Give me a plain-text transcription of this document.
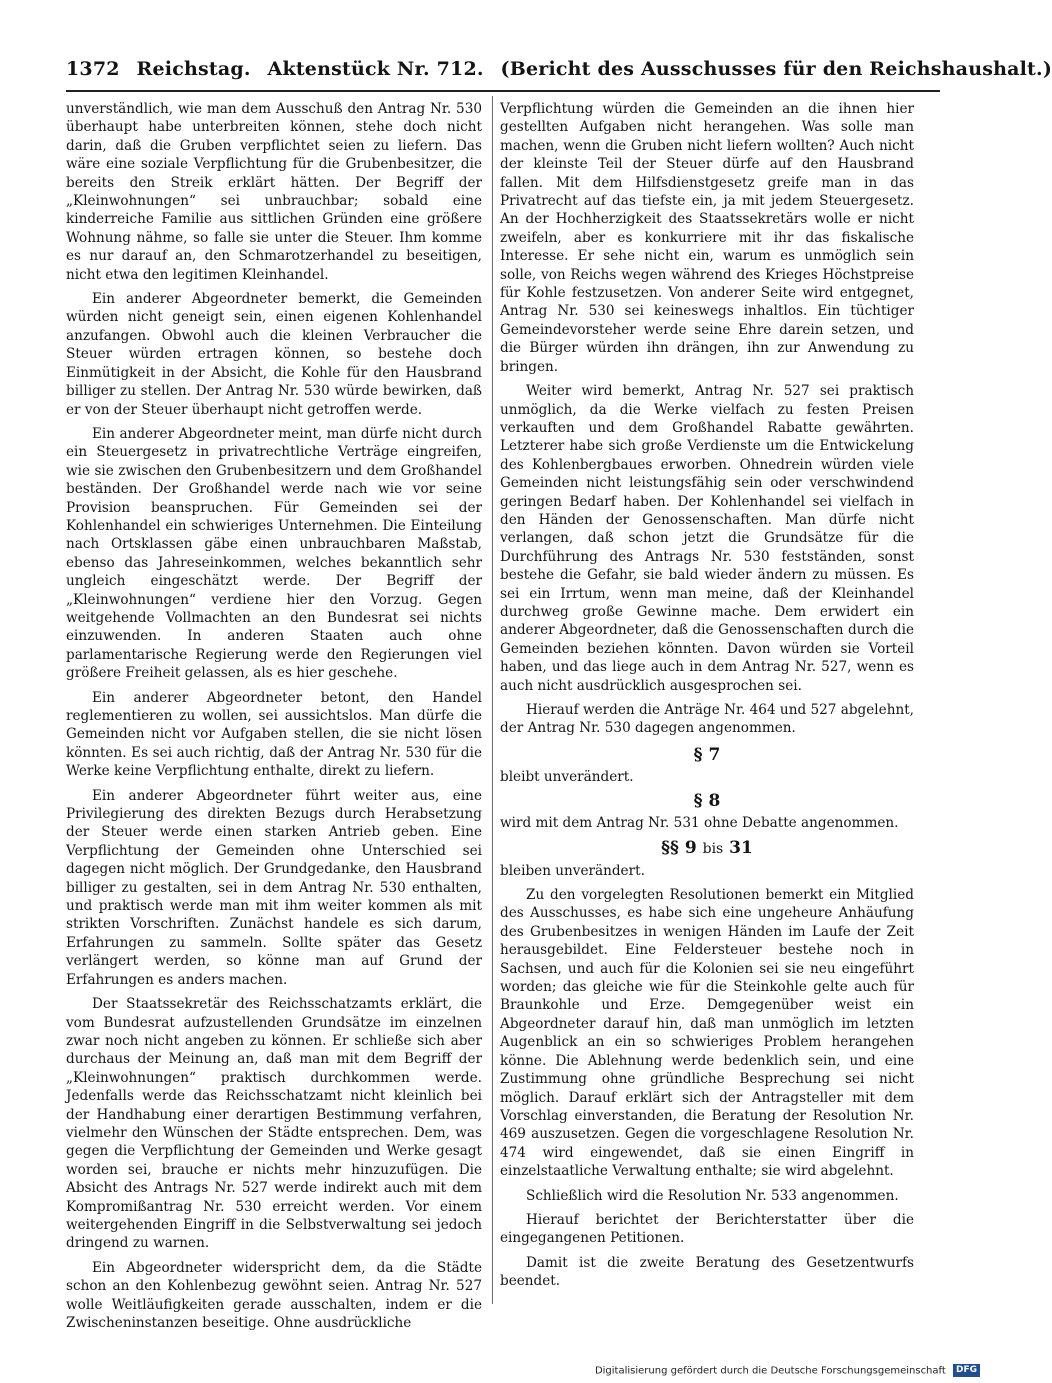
1372 Reichstag. Aktenstück Nr. 712. (Bericht des Ausschusses für den Reichshaushalt.)

unverständlich, wie man dem Ausschuß den Antrag Nr. 530 überhaupt habe unterbreiten können, stehe doch nicht darin, daß die Gruben verpflichtet seien zu liefern. Das wäre eine soziale Verpflichtung für die Grubenbesitzer, die bereits den Streik erklärt hätten. Der Begriff der „Kleinwohnungen“ sei unbrauchbar; sobald eine kinderreiche Familie aus sittlichen Gründen eine größere Wohnung nähme, so falle sie unter die Steuer. Ihm komme es nur darauf an, den Schmarotzerhandel zu beseitigen, nicht etwa den legitimen Kleinhandel.

Ein anderer Abgeordneter bemerkt, die Gemeinden würden nicht geneigt sein, einen eigenen Kohlenhandel anzufangen. Obwohl auch die kleinen Verbraucher die Steuer würden ertragen können, so bestehe doch Einmütigkeit in der Absicht, die Kohle für den Hausbrand billiger zu stellen. Der Antrag Nr. 530 würde bewirken, daß er von der Steuer überhaupt nicht getroffen werde.

Ein anderer Abgeordneter meint, man dürfe nicht durch ein Steuergesetz in privatrechtliche Verträge eingreifen, wie sie zwischen den Grubenbesitzern und dem Großhandel beständen. Der Großhandel werde nach wie vor seine Provision beanspruchen. Für Gemeinden sei der Kohlenhandel ein schwieriges Unternehmen. Die Einteilung nach Ortsklassen gäbe einen unbrauchbaren Maßstab, ebenso das Jahreseinkommen, welches bekanntlich sehr ungleich eingeschätzt werde. Der Begriff der „Kleinwohnungen“ verdiene hier den Vorzug. Gegen weitgehende Vollmachten an den Bundesrat sei nichts einzuwenden. In anderen Staaten auch ohne parlamentarische Regierung werde den Regierungen viel größere Freiheit gelassen, als es hier geschehe.

Ein anderer Abgeordneter betont, den Handel reglementieren zu wollen, sei aussichtslos. Man dürfe die Gemeinden nicht vor Aufgaben stellen, die sie nicht lösen könnten. Es sei auch richtig, daß der Antrag Nr. 530 für die Werke keine Verpflichtung enthalte, direkt zu liefern.

Ein anderer Abgeordneter führt weiter aus, eine Privilegierung des direkten Bezugs durch Herabsetzung der Steuer werde einen starken Antrieb geben. Eine Verpflichtung der Gemeinden ohne Unterschied sei dagegen nicht möglich. Der Grundgedanke, den Hausbrand billiger zu gestalten, sei in dem Antrag Nr. 530 enthalten, und praktisch werde man mit ihm weiter kommen als mit strikten Vorschriften. Zunächst handele es sich darum, Erfahrungen zu sammeln. Sollte später das Gesetz verlängert werden, so könne man auf Grund der Erfahrungen es anders machen.

Der Staatssekretär des Reichsschatzamts erklärt, die vom Bundesrat aufzustellenden Grundsätze im einzelnen zwar noch nicht angeben zu können. Er schließe sich aber durchaus der Meinung an, daß man mit dem Begriff der „Kleinwohnungen“ praktisch durchkommen werde. Jedenfalls werde das Reichsschatzamt nicht kleinlich bei der Handhabung einer derartigen Bestimmung verfahren, vielmehr den Wünschen der Städte entsprechen. Dem, was gegen die Verpflichtung der Gemeinden und Werke gesagt worden sei, brauche er nichts mehr hinzuzufügen. Die Absicht des Antrags Nr. 527 werde indirekt auch mit dem Kompromißantrag Nr. 530 erreicht werden. Vor einem weitergehenden Eingriff in die Selbstverwaltung sei jedoch dringend zu warnen.

Ein Abgeordneter widerspricht dem, da die Städte schon an den Kohlenbezug gewöhnt seien. Antrag Nr. 527 wolle Weitläufigkeiten gerade ausschalten, indem er die Zwischeninstanzen beseitige. Ohne ausdrückliche

Verpflichtung würden die Gemeinden an die ihnen hier gestellten Aufgaben nicht herangehen. Was solle man machen, wenn die Gruben nicht liefern wollten? Auch nicht der kleinste Teil der Steuer dürfe auf den Hausbrand fallen. Mit dem Hilfsdienstgesetz greife man in das Privatrecht auf das tiefste ein, ja mit jedem Steuergesetz. An der Hochherzigkeit des Staatssekretärs wolle er nicht zweifeln, aber es konkurriere mit ihr das fiskalische Interesse. Er sehe nicht ein, warum es unmöglich sein solle, von Reichs wegen während des Krieges Höchstpreise für Kohle festzusetzen. Von anderer Seite wird entgegnet, Antrag Nr. 530 sei keineswegs inhaltlos. Ein tüchtiger Gemeindevorsteher werde seine Ehre darein setzen, und die Bürger würden ihn drängen, ihn zur Anwendung zu bringen.

Weiter wird bemerkt, Antrag Nr. 527 sei praktisch unmöglich, da die Werke vielfach zu festen Preisen verkauften und dem Großhandel Rabatte gewährten. Letzterer habe sich große Verdienste um die Entwickelung des Kohlenbergbaues erworben. Ohnedrein würden viele Gemeinden nicht leistungsfähig sein oder verschwindend geringen Bedarf haben. Der Kohlenhandel sei vielfach in den Händen der Genossenschaften. Man dürfe nicht verlangen, daß schon jetzt die Grundsätze für die Durchführung des Antrags Nr. 530 festständen, sonst bestehe die Gefahr, sie bald wieder ändern zu müssen. Es sei ein Irrtum, wenn man meine, daß der Kleinhandel durchweg große Gewinne mache. Dem erwidert ein anderer Abgeordneter, daß die Genossenschaften durch die Gemeinden beziehen könnten. Davon würden sie Vorteil haben, und das liege auch in dem Antrag Nr. 527, wenn es auch nicht ausdrücklich ausgesprochen sei.

Hierauf werden die Anträge Nr. 464 und 527 abgelehnt, der Antrag Nr. 530 dagegen angenommen.

§ 7

bleibt unverändert.

§ 8

wird mit dem Antrag Nr. 531 ohne Debatte angenommen.

§§ 9 bis 31

bleiben unverändert.

Zu den vorgelegten Resolutionen bemerkt ein Mitglied des Ausschusses, es habe sich eine ungeheure Anhäufung des Grubenbesitzes in wenigen Händen im Laufe der Zeit herausgebildet. Eine Feldersteuer bestehe noch in Sachsen, und auch für die Kolonien sei sie neu eingeführt worden; das gleiche wie für die Steinkohle gelte auch für Braunkohle und Erze. Demgegenüber weist ein Abgeordneter darauf hin, daß man unmöglich im letzten Augenblick an ein so schwieriges Problem herangehen könne. Die Ablehnung werde bedenklich sein, und eine Zustimmung ohne gründliche Besprechung sei nicht möglich. Darauf erklärt sich der Antragsteller mit dem Vorschlag einverstanden, die Beratung der Resolution Nr. 469 auszusetzen. Gegen die vorgeschlagene Resolution Nr. 474 wird eingewendet, daß sie einen Eingriff in einzelstaatliche Verwaltung enthalte; sie wird abgelehnt.

Schließlich wird die Resolution Nr. 533 angenommen.

Hierauf berichtet der Berichterstatter über die eingegangenen Petitionen.

Damit ist die zweite Beratung des Gesetzentwurfs beendet.

Digitalisierung gefördert durch die Deutsche Forschungsgemeinschaft DFG
